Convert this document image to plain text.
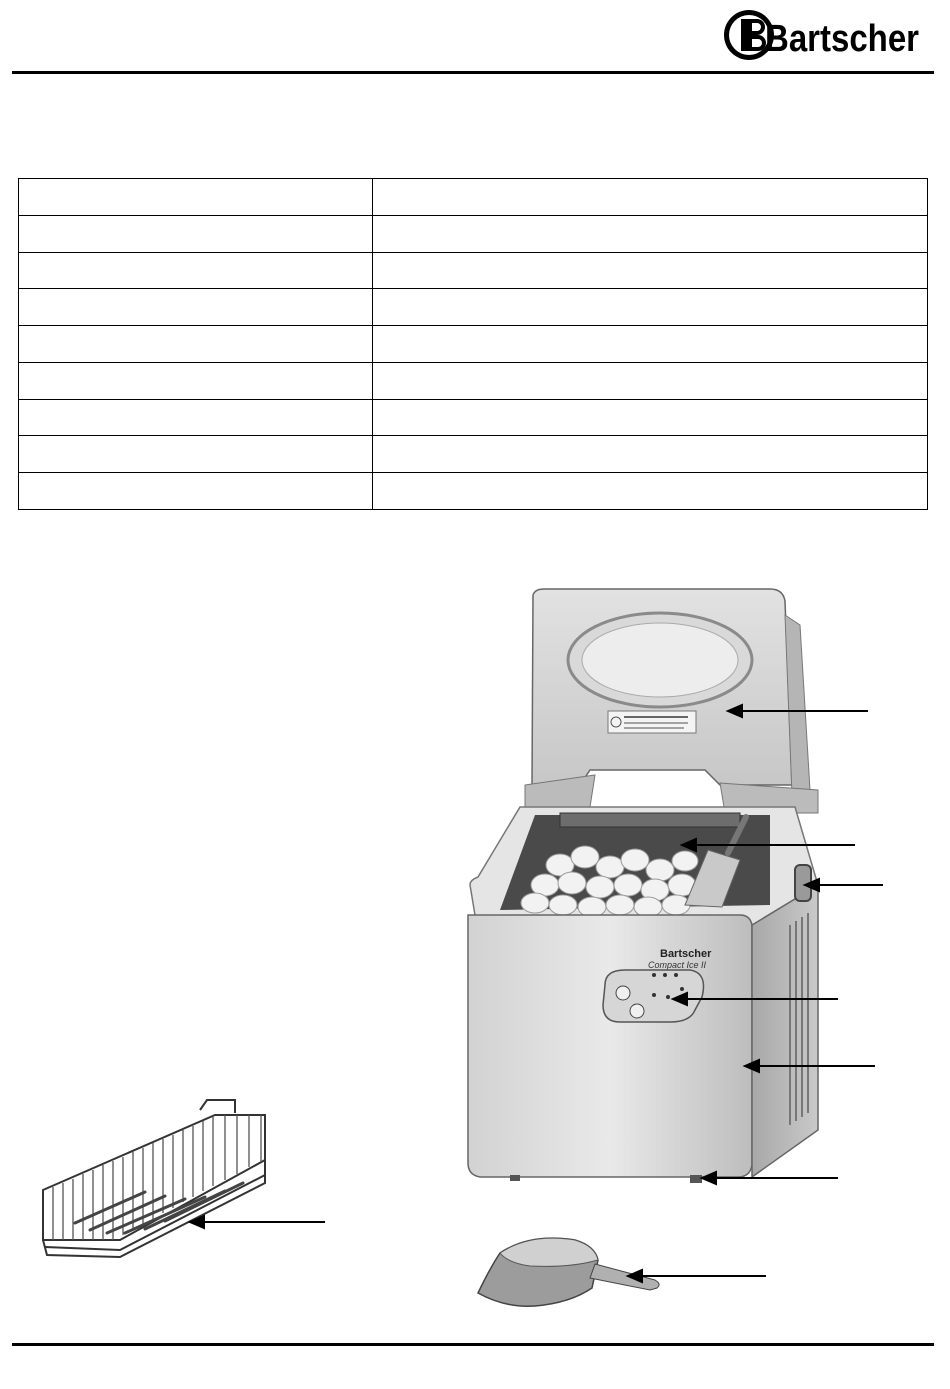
Bartscher

Bartscher
Compact Ice II
